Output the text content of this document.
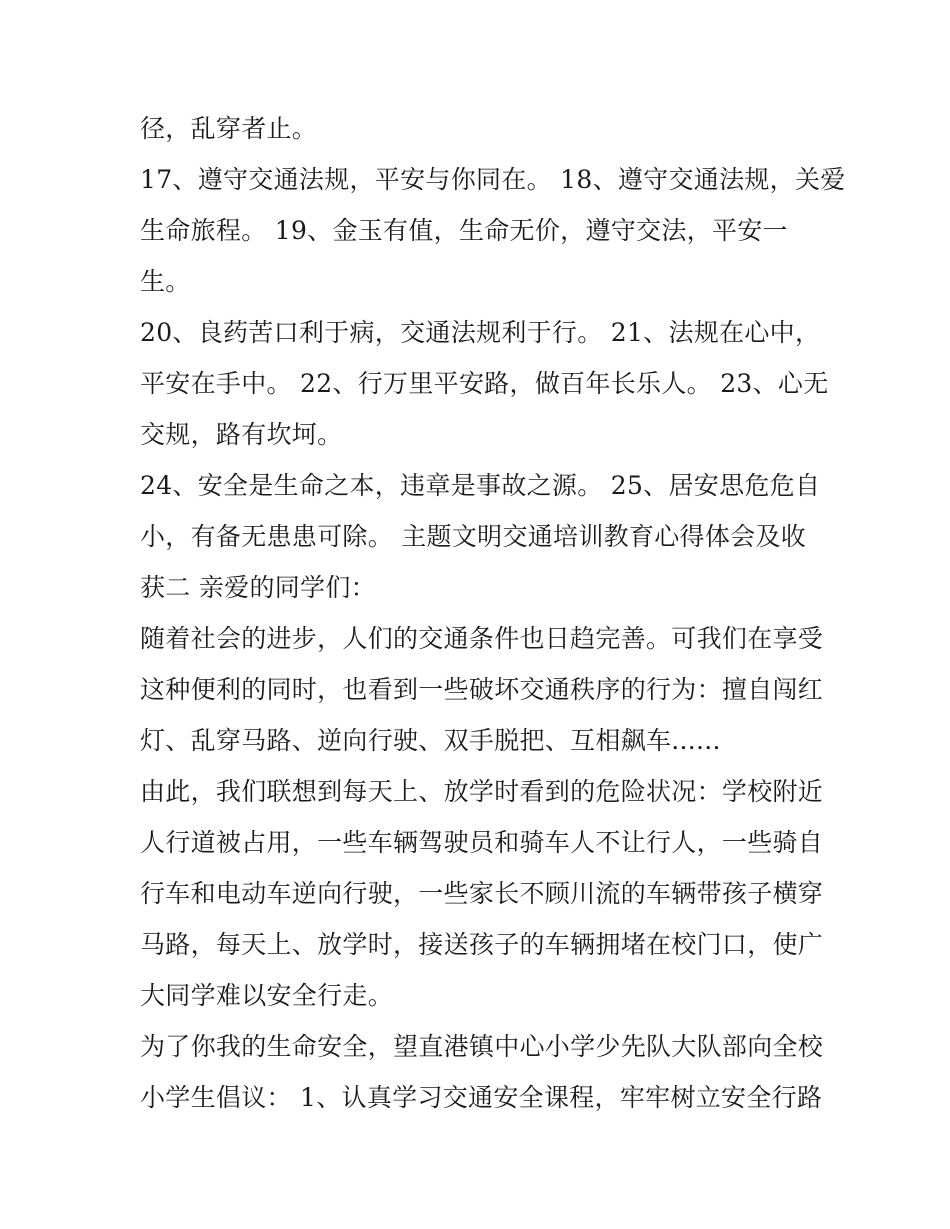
径，乱穿者止。
17、遵守交通法规，平安与你同在。 18、遵守交通法规，关爱
生命旅程。 19、金玉有值，生命无价，遵守交法，平安一
生。
20、良药苦口利于病，交通法规利于行。 21、法规在心中，
平安在手中。 22、行万里平安路，做百年长乐人。 23、心无
交规，路有坎坷。
24、安全是生命之本，违章是事故之源。 25、居安思危危自
小，有备无患患可除。 主题文明交通培训教育心得体会及收
获二 亲爱的同学们：
随着社会的进步，人们的交通条件也日趋完善。可我们在享受
这种便利的同时，也看到一些破坏交通秩序的行为：擅自闯红
灯、乱穿马路、逆向行驶、双手脱把、互相飙车......
由此，我们联想到每天上、放学时看到的危险状况：学校附近
人行道被占用，一些车辆驾驶员和骑车人不让行人，一些骑自
行车和电动车逆向行驶，一些家长不顾川流的车辆带孩子横穿
马路，每天上、放学时，接送孩子的车辆拥堵在校门口，使广
大同学难以安全行走。
为了你我的生命安全，望直港镇中心小学少先队大队部向全校
小学生倡议： 1、认真学习交通安全课程，牢牢树立安全行路
